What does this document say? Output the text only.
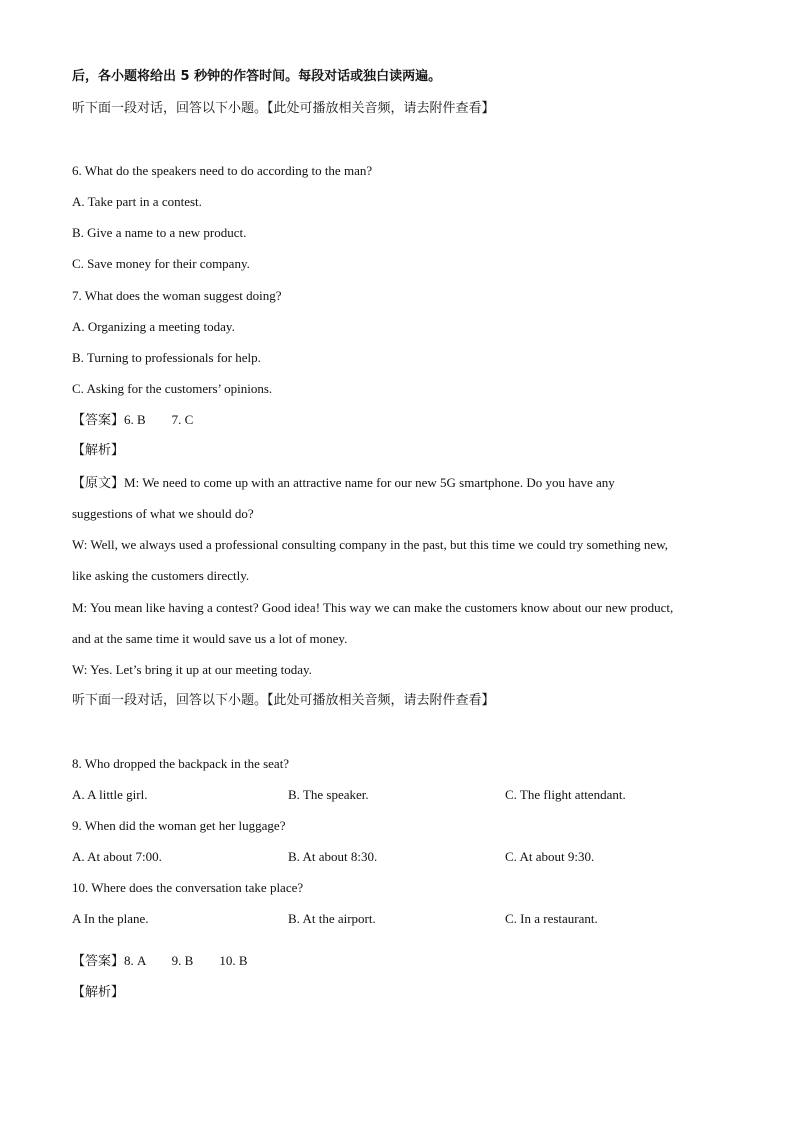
后，各小题将给出 5 秒钟的作答时间。每段对话或独白读两遍。
听下面一段对话，回答以下小题。【此处可播放相关音频，请去附件查看】
6. What do the speakers need to do according to the man?
A. Take part in a contest.
B. Give a name to a new product.
C. Save money for their company.
7. What does the woman suggest doing?
A. Organizing a meeting today.
B. Turning to professionals for help.
C. Asking for the customers’ opinions.
【答案】6. B        7. C
【解析】
【原文】M: We need to come up with an attractive name for our new 5G smartphone. Do you have any
suggestions of what we should do?
W: Well, we always used a professional consulting company in the past, but this time we could try something new,
like asking the customers directly.
M: You mean like having a contest? Good idea! This way we can make the customers know about our new product,
and at the same time it would save us a lot of money.
W: Yes. Let’s bring it up at our meeting today.
听下面一段对话，回答以下小题。【此处可播放相关音频，请去附件查看】
8. Who dropped the backpack in the seat?
A. A little girl.	B. The speaker.	C. The flight attendant.
9. When did the woman get her luggage?
A. At about 7:00.	B. At about 8:30.	C. At about 9:30.
10. Where does the conversation take place?
A In the plane.	B. At the airport.	C. In a restaurant.
【答案】8. A        9. B        10. B
【解析】
